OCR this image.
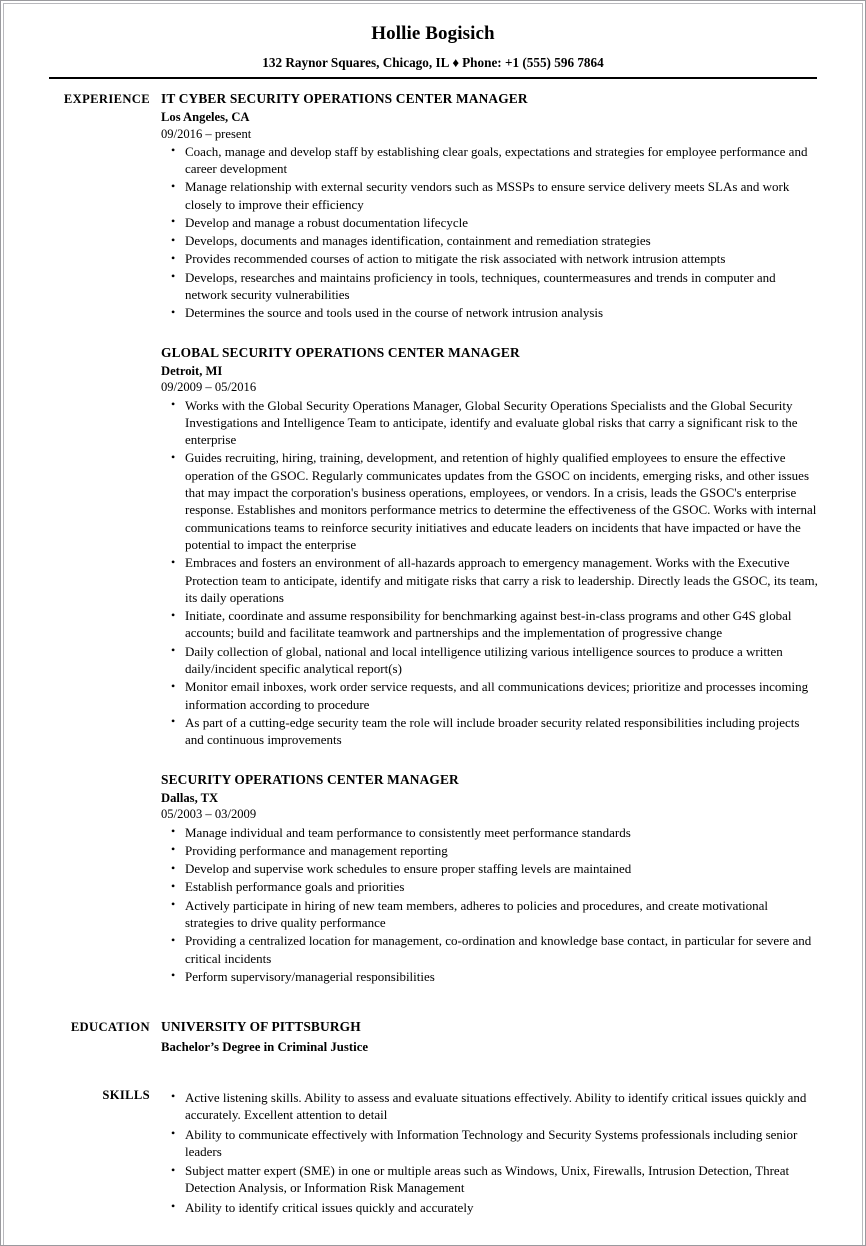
Hollie Bogisich
132 Raynor Squares, Chicago, IL ♦ Phone: +1 (555) 596 7864
EXPERIENCE IT CYBER SECURITY OPERATIONS CENTER MANAGER
Los Angeles, CA
09/2016 – present
• Coach, manage and develop staff by establishing clear goals, expectations and strategies for employee performance and career development
• Manage relationship with external security vendors such as MSSPs to ensure service delivery meets SLAs and work closely to improve their efficiency
• Develop and manage a robust documentation lifecycle
• Develops, documents and manages identification, containment and remediation strategies
• Provides recommended courses of action to mitigate the risk associated with network intrusion attempts
• Develops, researches and maintains proficiency in tools, techniques, countermeasures and trends in computer and network security vulnerabilities
• Determines the source and tools used in the course of network intrusion analysis
GLOBAL SECURITY OPERATIONS CENTER MANAGER
Detroit, MI
09/2009 – 05/2016
• Works with the Global Security Operations Manager, Global Security Operations Specialists and the Global Security Investigations and Intelligence Team to anticipate, identify and evaluate global risks that carry a significant risk to the enterprise
• Guides recruiting, hiring, training, development, and retention of highly qualified employees to ensure the effective operation of the GSOC. Regularly communicates updates from the GSOC on incidents, emerging risks, and other issues that may impact the corporation's business operations, employees, or vendors. In a crisis, leads the GSOC's enterprise response. Establishes and monitors performance metrics to determine the effectiveness of the GSOC. Works with internal communications teams to reinforce security initiatives and educate leaders on incidents that have impacted or have the potential to impact the enterprise
• Embraces and fosters an environment of all-hazards approach to emergency management. Works with the Executive Protection team to anticipate, identify and mitigate risks that carry a risk to leadership. Directly leads the GSOC, its team, its daily operations
• Initiate, coordinate and assume responsibility for benchmarking against best-in-class programs and other G4S global accounts; build and facilitate teamwork and partnerships and the implementation of progressive change
• Daily collection of global, national and local intelligence utilizing various intelligence sources to produce a written daily/incident specific analytical report(s)
• Monitor email inboxes, work order service requests, and all communications devices; prioritize and processes incoming information according to procedure
• As part of a cutting-edge security team the role will include broader security related responsibilities including projects and continuous improvements
SECURITY OPERATIONS CENTER MANAGER
Dallas, TX
05/2003 – 03/2009
• Manage individual and team performance to consistently meet performance standards
• Providing performance and management reporting
• Develop and supervise work schedules to ensure proper staffing levels are maintained
• Establish performance goals and priorities
• Actively participate in hiring of new team members, adheres to policies and procedures, and create motivational strategies to drive quality performance
• Providing a centralized location for management, co-ordination and knowledge base contact, in particular for severe and critical incidents
• Perform supervisory/managerial responsibilities
EDUCATION UNIVERSITY OF PITTSBURGH
Bachelor’s Degree in Criminal Justice
SKILLS	• Active listening skills. Ability to assess and evaluate situations effectively. Ability to identify critical issues quickly and accurately. Excellent attention to detail
• Ability to communicate effectively with Information Technology and Security Systems professionals including senior leaders
• Subject matter expert (SME) in one or multiple areas such as Windows, Unix, Firewalls, Intrusion Detection, Threat Detection Analysis, or Information Risk Management
• Ability to identify critical issues quickly and accurately
